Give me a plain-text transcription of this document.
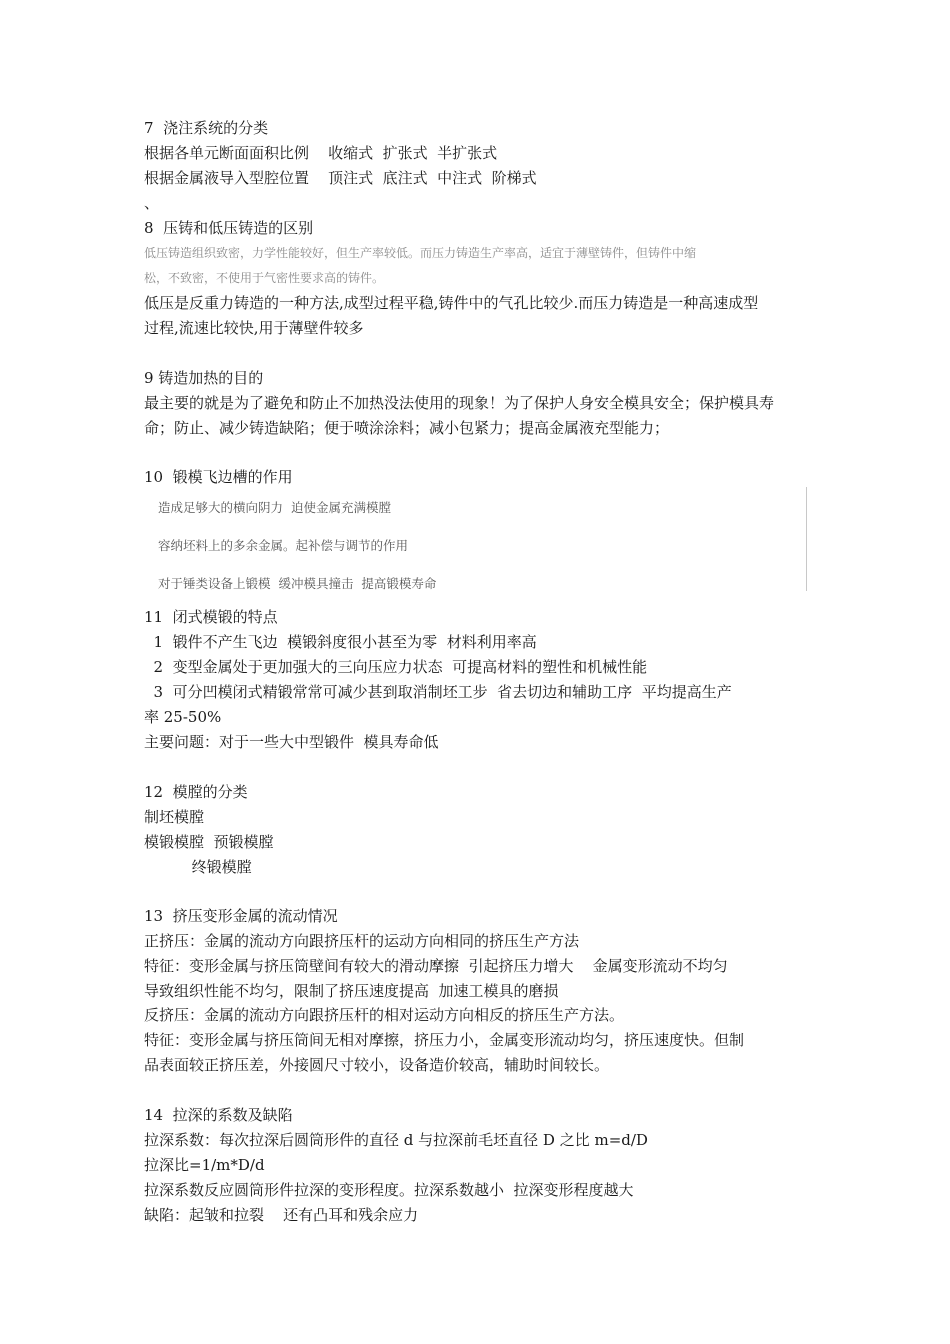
7  浇注系统的分类
根据各单元断面面积比例    收缩式  扩张式  半扩张式
根据金属液导入型腔位置    顶注式  底注式  中注式  阶梯式
、
8  压铸和低压铸造的区别
低压铸造组织致密，力学性能较好，但生产率较低。而压力铸造生产率高，适宜于薄壁铸件，但铸件中缩
松，不致密，不使用于气密性要求高的铸件。
低压是反重力铸造的一种方法,成型过程平稳,铸件中的气孔比较少.而压力铸造是一种高速成型
过程,流速比较快,用于薄壁件较多
9 铸造加热的目的
最主要的就是为了避免和防止不加热没法使用的现象！为了保护人身安全模具安全；保护模具寿
命；防止、减少铸造缺陷；便于喷涂涂料；减小包紧力；提高金属液充型能力；
10  锻模飞边槽的作用
造成足够大的横向阴力  迫使金属充满模膛
容纳坯料上的多余金属。起补偿与调节的作用
对于锤类设备上锻模  缓冲模具撞击  提高锻模寿命
11  闭式模锻的特点
1  锻件不产生飞边  模锻斜度很小甚至为零  材料利用率高
2  变型金属处于更加强大的三向压应力状态  可提高材料的塑性和机械性能
3  可分凹模闭式精锻常常可减少甚到取消制坯工步  省去切边和辅助工序  平均提高生产
率 25-50%
主要问题：对于一些大中型锻件  模具寿命低
12  模膛的分类
制坯模膛
模锻模膛  预锻模膛
终锻模膛
13  挤压变形金属的流动情况
正挤压：金属的流动方向跟挤压杆的运动方向相同的挤压生产方法
特征：变形金属与挤压筒壁间有较大的滑动摩擦  引起挤压力增大    金属变形流动不均匀
导致组织性能不均匀，限制了挤压速度提高  加速工模具的磨损
反挤压：金属的流动方向跟挤压杆的相对运动方向相反的挤压生产方法。
特征：变形金属与挤压筒间无相对摩擦，挤压力小，金属变形流动均匀，挤压速度快。但制
品表面较正挤压差，外接圆尺寸较小，设备造价较高，辅助时间较长。
14  拉深的系数及缺陷
拉深系数：每次拉深后圆筒形件的直径 d 与拉深前毛坯直径 D 之比 m=d/D
拉深比=1/m*D/d
拉深系数反应圆筒形件拉深的变形程度。拉深系数越小  拉深变形程度越大
缺陷：起皱和拉裂    还有凸耳和残余应力
